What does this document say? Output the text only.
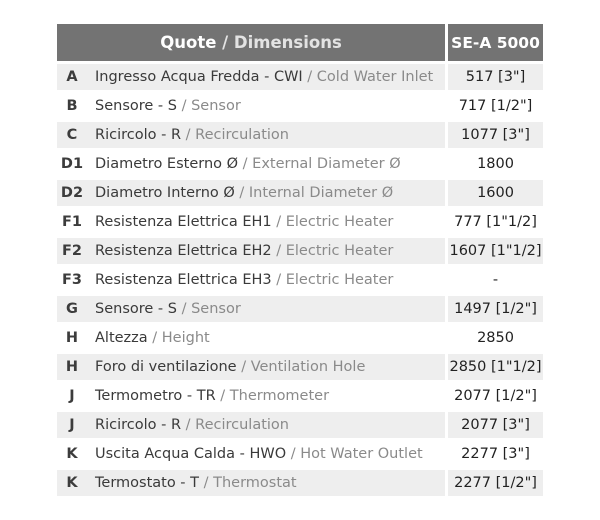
Quote / Dimensions		SE-A 5000
A	Ingresso Acqua Fredda - CWI / Cold Water Inlet	517 [3"]
B	Sensore - S / Sensor	717 [1/2"]
C	Ricircolo - R / Recirculation	1077 [3"]
D1	Diametro Esterno Ø / External Diameter Ø	1800
D2	Diametro Interno Ø / Internal Diameter Ø	1600
F1	Resistenza Elettrica EH1 / Electric Heater	777 [1"1/2]
F2	Resistenza Elettrica EH2 / Electric Heater	1607 [1"1/2]
F3	Resistenza Elettrica EH3 / Electric Heater	-
G	Sensore - S / Sensor	1497 [1/2"]
H	Altezza / Height	2850
H	Foro di ventilazione / Ventilation Hole	2850 [1"1/2]
J	Termometro - TR / Thermometer	2077 [1/2"]
J	Ricircolo - R / Recirculation	2077 [3"]
K	Uscita Acqua Calda - HWO / Hot Water Outlet	2277 [3"]
K	Termostato - T / Thermostat	2277 [1/2"]
